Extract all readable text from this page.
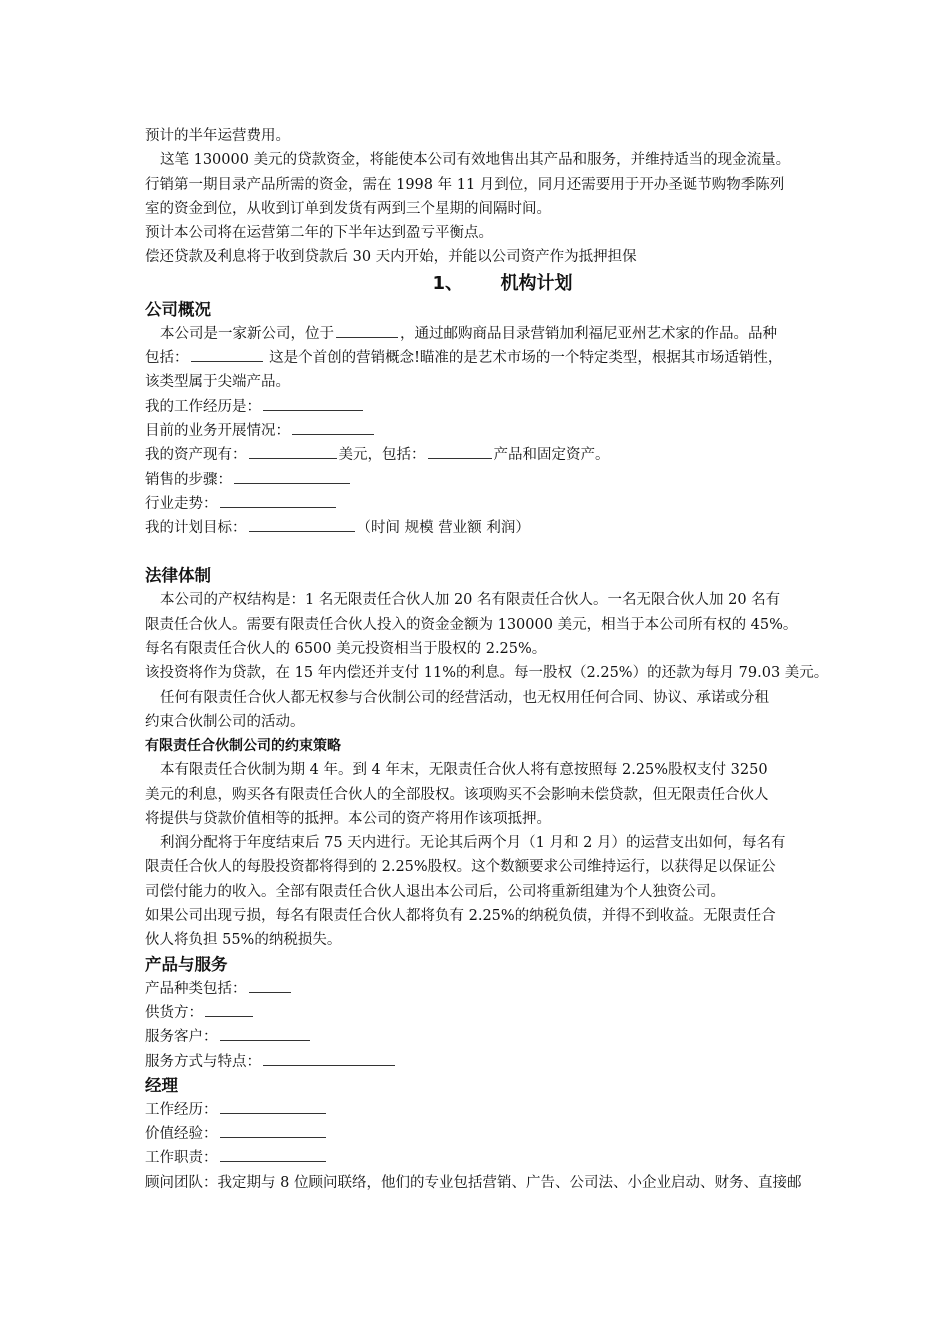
预计的半年运营费用。

这笔 130000 美元的贷款资金，将能使本公司有效地售出其产品和服务，并维持适当的现金流量。

行销第一期目录产品所需的资金，需在 1998 年 11 月到位，同月还需要用于开办圣诞节购物季陈列

室的资金到位，从收到订单到发货有两到三个星期的间隔时间。

预计本公司将在运营第二年的下半年达到盈亏平衡点。

偿还贷款及利息将于收到贷款后 30 天内开始，并能以公司资产作为抵押担保

1、 机构计划
公司概况

本公司是一家新公司，位于	，通过邮购商品目录营销加利福尼亚州艺术家的作品。品种

包括：	这是个首创的营销概念!瞄准的是艺术市场的一个特定类型，根据其市场适销性，

该类型属于尖端产品。

我的工作经历是：

目前的业务开展情况：

我的资产现有：	美元，包括：	产品和固定资产。

销售的步骤：

行业走势：

我的计划目标：	（时间 规模 营业额 利润）

法律体制

本公司的产权结构是：1 名无限责任合伙人加 20 名有限责任合伙人。一名无限合伙人加 20 名有

限责任合伙人。需要有限责任合伙人投入的资金金额为 130000 美元，相当于本公司所有权的 45%。

每名有限责任合伙人的 6500 美元投资相当于股权的 2.25%。

该投资将作为贷款，在 15 年内偿还并支付 11%的利息。每一股权（2.25%）的还款为每月 79.03 美元。

任何有限责任合伙人都无权参与合伙制公司的经营活动，也无权用任何合同、协议、承诺或分租

约束合伙制公司的活动。

有限责任合伙制公司的约束策略

本有限责任合伙制为期 4 年。到 4 年末，无限责任合伙人将有意按照每 2.25%股权支付 3250

美元的利息，购买各有限责任合伙人的全部股权。该项购买不会影响未偿贷款，但无限责任合伙人

将提供与贷款价值相等的抵押。本公司的资产将用作该项抵押。

利润分配将于年度结束后 75 天内进行。无论其后两个月（1 月和 2 月）的运营支出如何，每名有

限责任合伙人的每股投资都将得到的 2.25%股权。这个数额要求公司维持运行，以获得足以保证公

司偿付能力的收入。全部有限责任合伙人退出本公司后，公司将重新组建为个人独资公司。

如果公司出现亏损，每名有限责任合伙人都将负有 2.25%的纳税负债，并得不到收益。无限责任合

伙人将负担 55%的纳税损失。

产品与服务

产品种类包括：

供货方：

服务客户：

服务方式与特点：

经理

工作经历：

价值经验：

工作职责：

顾问团队：我定期与 8 位顾问联络，他们的专业包括营销、广告、公司法、小企业启动、财务、直接邮
